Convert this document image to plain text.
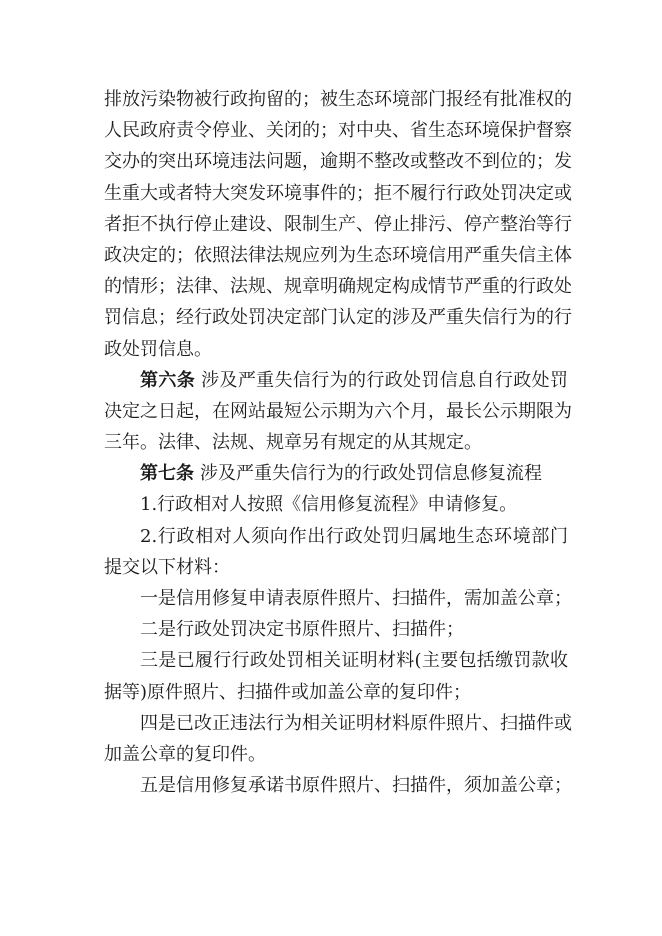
排放污染物被行政拘留的；被生态环境部门报经有批准权的
人民政府责令停业、关闭的；对中央、省生态环境保护督察
交办的突出环境违法问题，逾期不整改或整改不到位的；发
生重大或者特大突发环境事件的；拒不履行行政处罚决定或
者拒不执行停止建设、限制生产、停止排污、停产整治等行
政决定的；依照法律法规应列为生态环境信用严重失信主体
的情形；法律、法规、规章明确规定构成情节严重的行政处
罚信息；经行政处罚决定部门认定的涉及严重失信行为的行
政处罚信息。
第六条 涉及严重失信行为的行政处罚信息自行政处罚
决定之日起，在网站最短公示期为六个月，最长公示期限为
三年。法律、法规、规章另有规定的从其规定。
第七条 涉及严重失信行为的行政处罚信息修复流程
1.行政相对人按照《信用修复流程》申请修复。
2.行政相对人须向作出行政处罚归属地生态环境部门
提交以下材料：
一是信用修复申请表原件照片、扫描件，需加盖公章；
二是行政处罚决定书原件照片、扫描件；
三是已履行行政处罚相关证明材料(主要包括缴罚款收
据等)原件照片、扫描件或加盖公章的复印件；
四是已改正违法行为相关证明材料原件照片、扫描件或
加盖公章的复印件。
五是信用修复承诺书原件照片、扫描件，须加盖公章；
